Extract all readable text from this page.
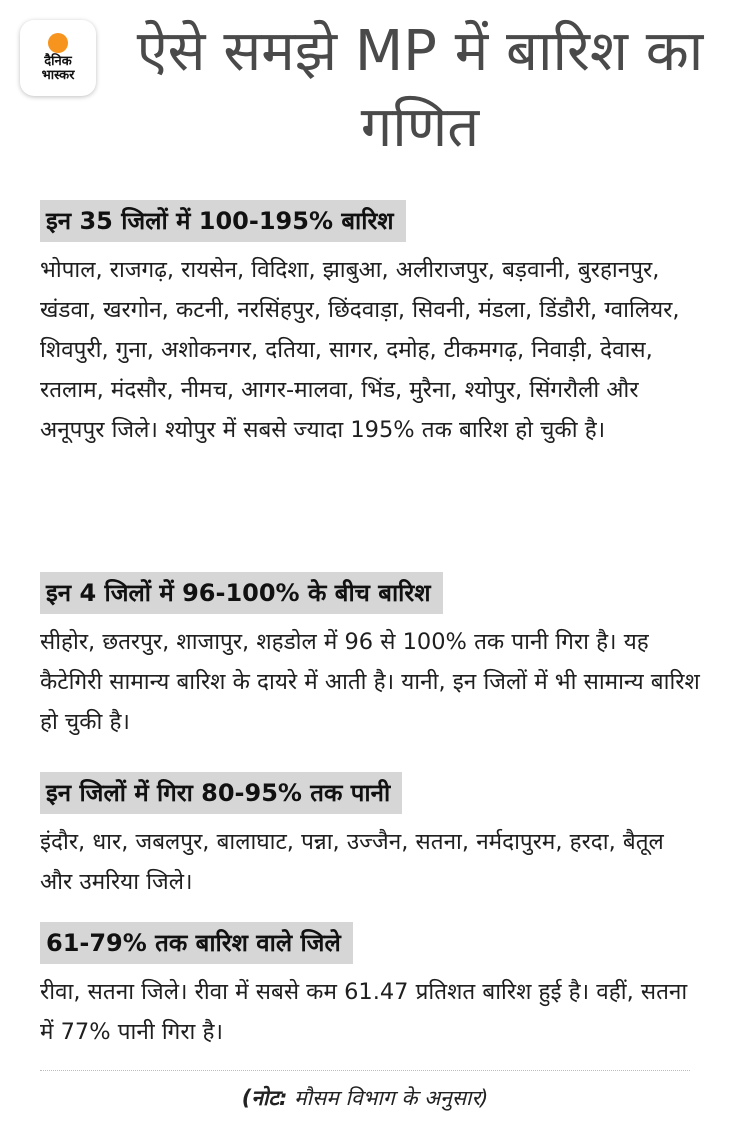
दैनिक
भास्कर ऐसे समझे MP में बारिश का गणित
इन 35 जिलों में 100-195% बारिश
भोपाल, राजगढ़, रायसेन, विदिशा, झाबुआ, अलीराजपुर, बड़वानी, बुरहानपुर, खंडवा, खरगोन, कटनी, नरसिंहपुर, छिंदवाड़ा, सिवनी, मंडला, डिंडौरी, ग्वालियर, शिवपुरी, गुना, अशोकनगर, दतिया, सागर, दमोह, टीकमगढ़, निवाड़ी, देवास, रतलाम, मंदसौर, नीमच, आगर-मालवा, भिंड, मुरैना, श्योपुर, सिंगरौली और अनूपपुर जिले। श्योपुर में सबसे ज्यादा 195% तक बारिश हो चुकी है।
इन 4 जिलों में 96-100% के बीच बारिश
सीहोर, छतरपुर, शाजापुर, शहडोल में 96 से 100% तक पानी गिरा है। यह कैटेगिरी सामान्य बारिश के दायरे में आती है। यानी, इन जिलों में भी सामान्य बारिश हो चुकी है।
इन जिलों में गिरा 80-95% तक पानी
इंदौर, धार, जबलपुर, बालाघाट, पन्ना, उज्जैन, सतना, नर्मदापुरम, हरदा, बैतूल और उमरिया जिले।
61-79% तक बारिश वाले जिले
रीवा, सतना जिले। रीवा में सबसे कम 61.47 प्रतिशत बारिश हुई है। वहीं, सतना में 77% पानी गिरा है।
(नोट: मौसम विभाग के अनुसार)
